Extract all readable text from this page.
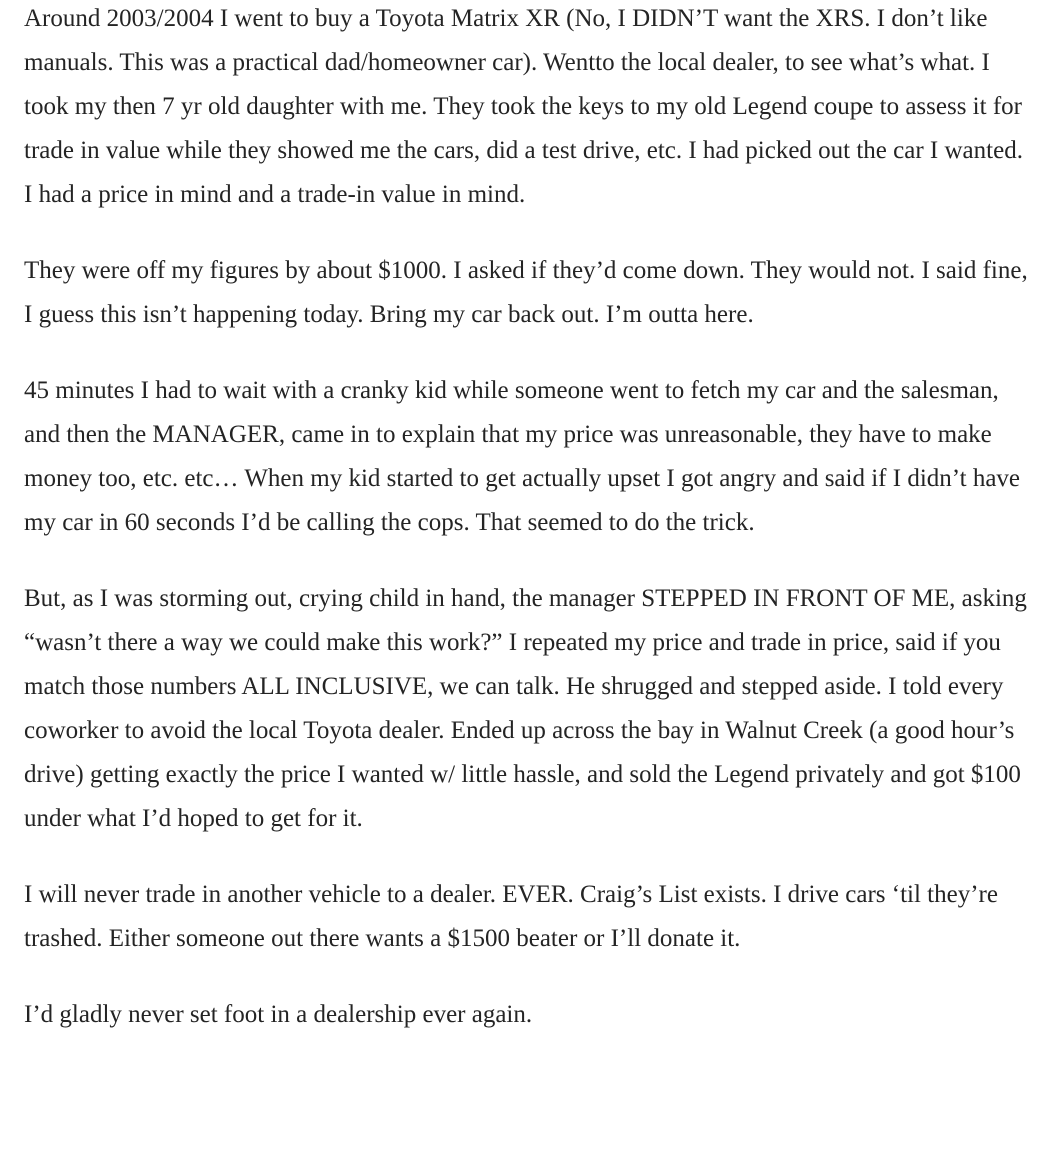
Around 2003/2004 I went to buy a Toyota Matrix XR (No, I DIDN’T want the XRS. I don’t like manuals. This was a practical dad/homeowner car). Wentto the local dealer, to see what’s what. I took my then 7 yr old daughter with me. They took the keys to my old Legend coupe to assess it for trade in value while they showed me the cars, did a test drive, etc. I had picked out the car I wanted. I had a price in mind and a trade-in value in mind.

They were off my figures by about $1000. I asked if they’d come down. They would not. I said fine, I guess this isn’t happening today. Bring my car back out. I’m outta here.

45 minutes I had to wait with a cranky kid while someone went to fetch my car and the salesman, and then the MANAGER, came in to explain that my price was unreasonable, they have to make money too, etc. etc… When my kid started to get actually upset I got angry and said if I didn’t have my car in 60 seconds I’d be calling the cops. That seemed to do the trick.

But, as I was storming out, crying child in hand, the manager STEPPED IN FRONT OF ME, asking “wasn’t there a way we could make this work?” I repeated my price and trade in price, said if you match those numbers ALL INCLUSIVE, we can talk. He shrugged and stepped aside. I told every coworker to avoid the local Toyota dealer. Ended up across the bay in Walnut Creek (a good hour’s drive) getting exactly the price I wanted w/ little hassle, and sold the Legend privately and got $100 under what I’d hoped to get for it.

I will never trade in another vehicle to a dealer. EVER. Craig’s List exists. I drive cars ‘til they’re trashed. Either someone out there wants a $1500 beater or I’ll donate it.

I’d gladly never set foot in a dealership ever again.
